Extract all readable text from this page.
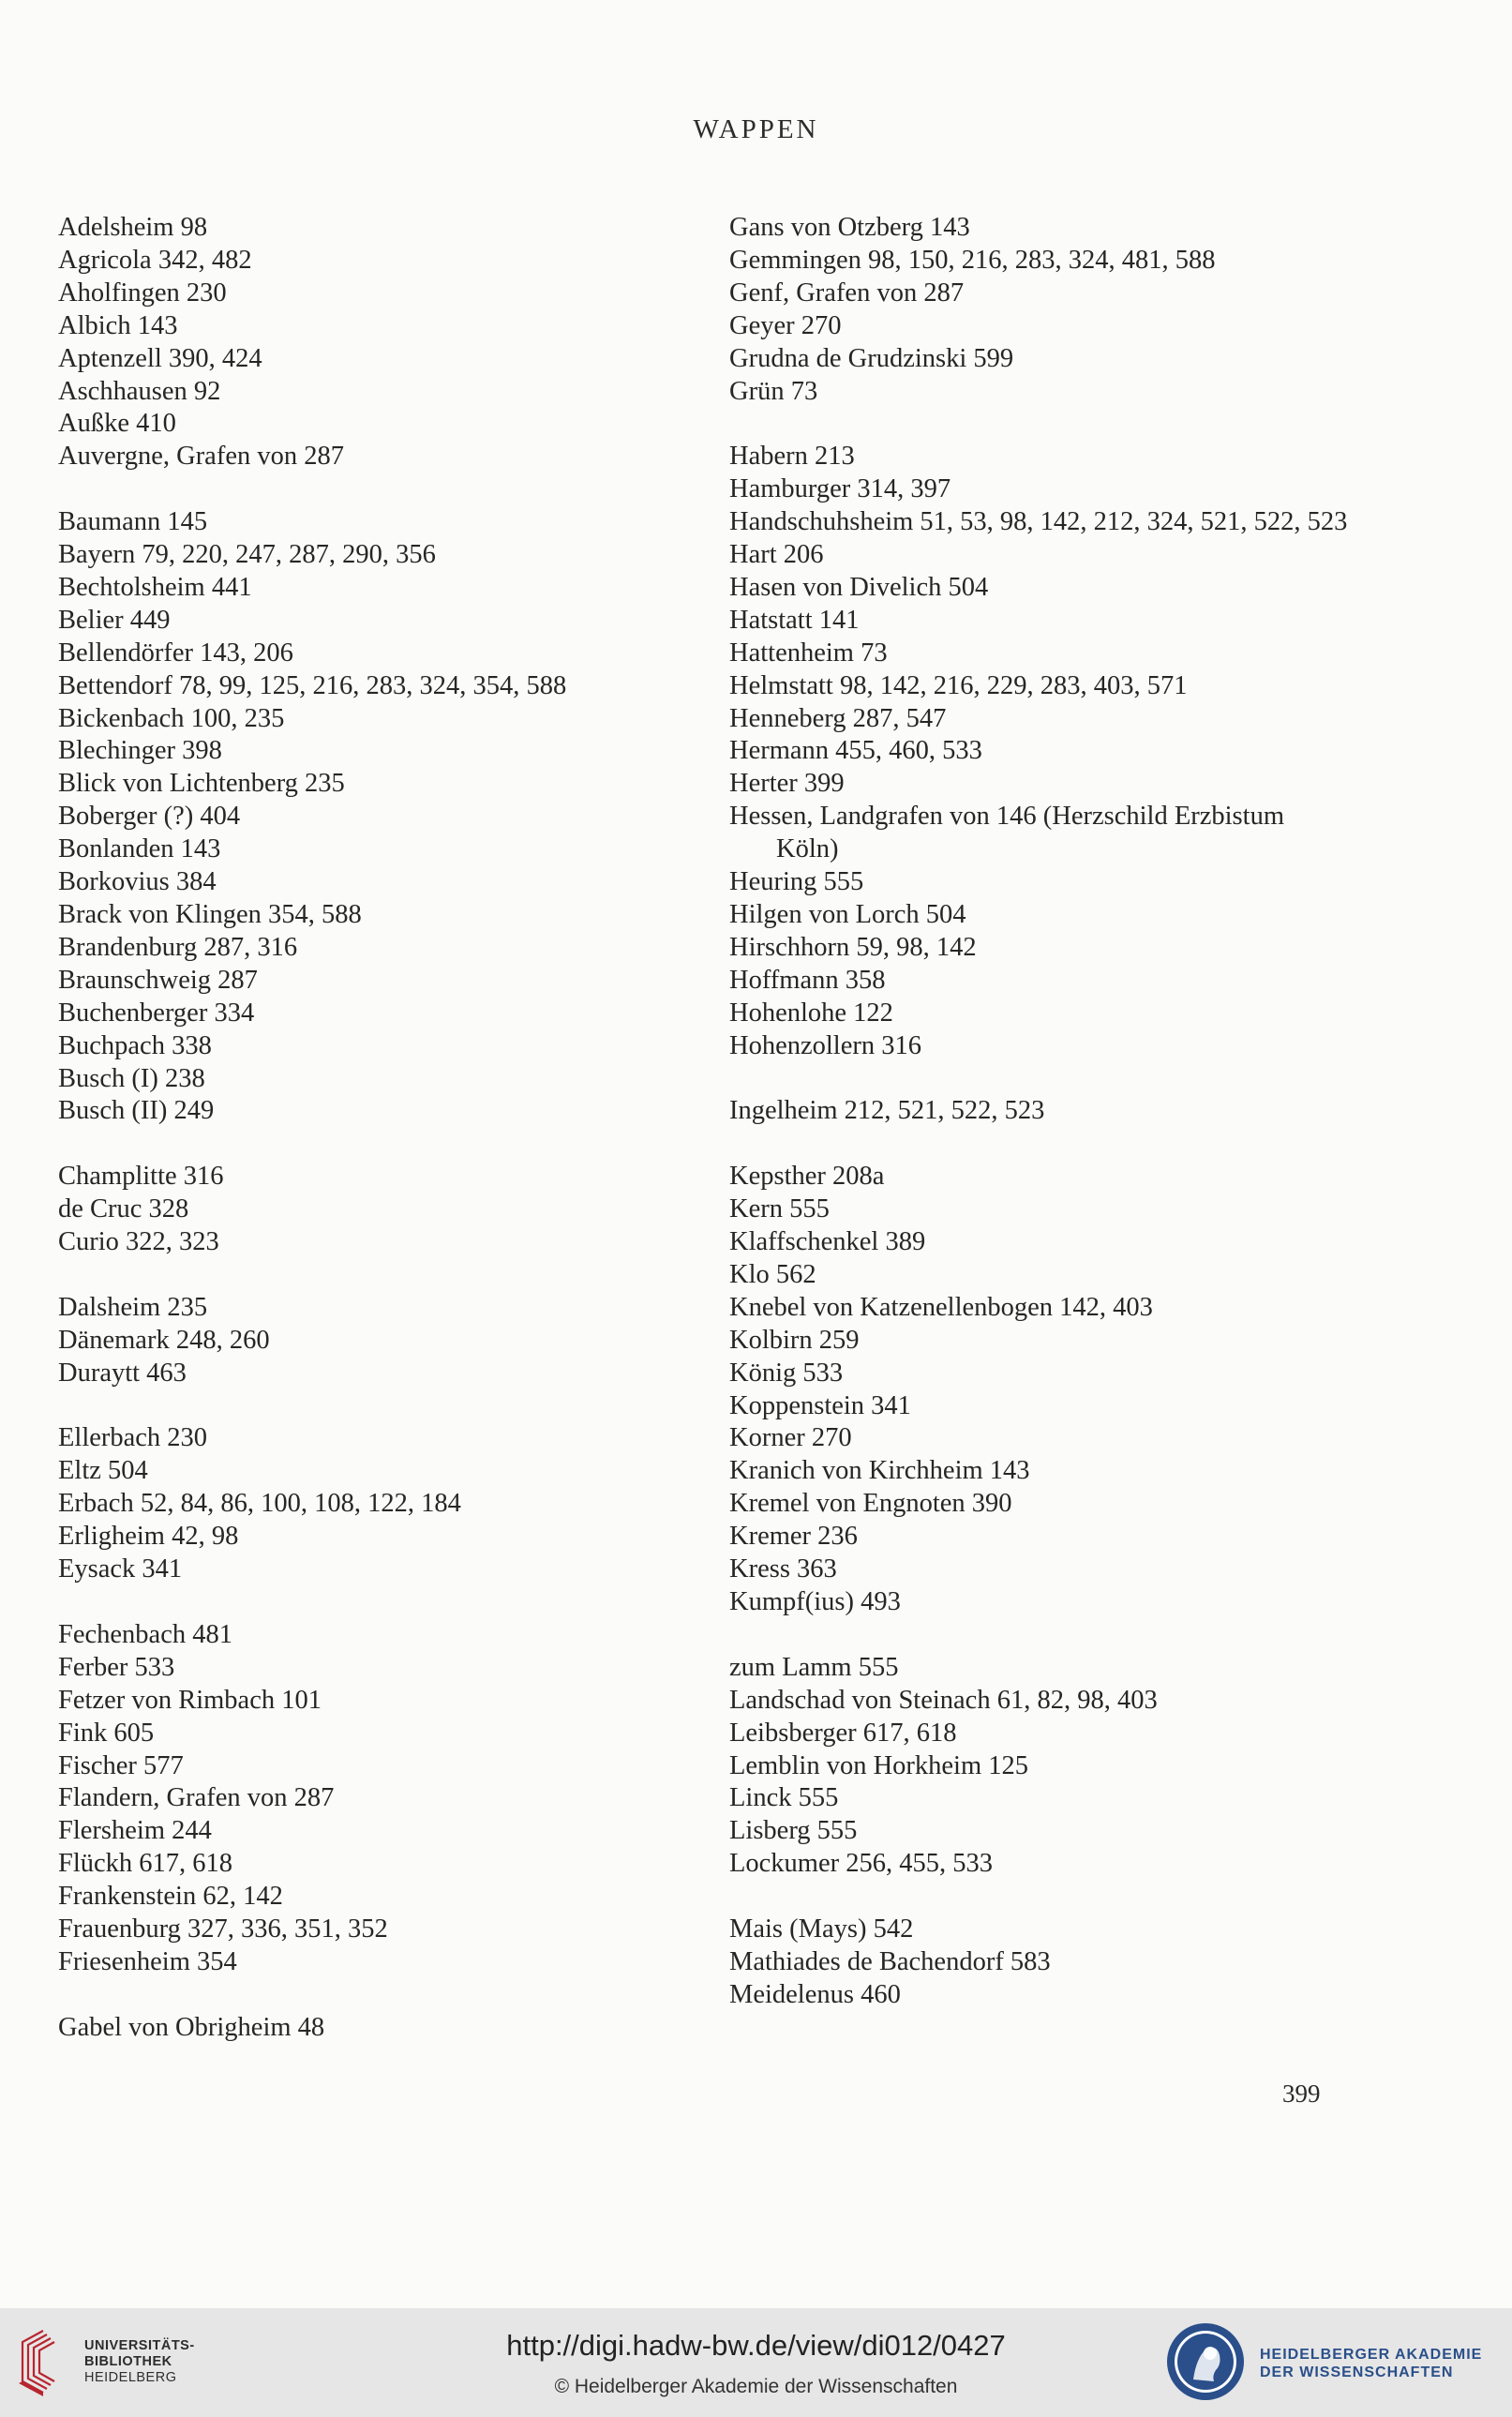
WAPPEN
Adelsheim 98
Agricola 342, 482
Aholfingen 230
Albich 143
Aptenzell 390, 424
Aschhausen 92
Außke 410
Auvergne, Grafen von 287
Baumann 145
Bayern 79, 220, 247, 287, 290, 356
Bechtolsheim 441
Belier 449
Bellendörfer 143, 206
Bettendorf 78, 99, 125, 216, 283, 324, 354, 588
Bickenbach 100, 235
Blechinger 398
Blick von Lichtenberg 235
Boberger (?) 404
Bonlanden 143
Borkovius 384
Brack von Klingen 354, 588
Brandenburg 287, 316
Braunschweig 287
Buchenberger 334
Buchpach 338
Busch (I) 238
Busch (II) 249
Champlitte 316
de Cruc 328
Curio 322, 323
Dalsheim 235
Dänemark 248, 260
Duraytt 463
Ellerbach 230
Eltz 504
Erbach 52, 84, 86, 100, 108, 122, 184
Erligheim 42, 98
Eysack 341
Fechenbach 481
Ferber 533
Fetzer von Rimbach 101
Fink 605
Fischer 577
Flandern, Grafen von 287
Flersheim 244
Flückh 617, 618
Frankenstein 62, 142
Frauenburg 327, 336, 351, 352
Friesenheim 354
Gabel von Obrigheim 48
Gans von Otzberg 143
Gemmingen 98, 150, 216, 283, 324, 481, 588
Genf, Grafen von 287
Geyer 270
Grudna de Grudzinski 599
Grün 73
Habern 213
Hamburger 314, 397
Handschuhsheim 51, 53, 98, 142, 212, 324, 521, 522, 523
Hart 206
Hasen von Divelich 504
Hatstatt 141
Hattenheim 73
Helmstatt 98, 142, 216, 229, 283, 403, 571
Henneberg 287, 547
Hermann 455, 460, 533
Herter 399
Hessen, Landgrafen von 146 (Herzschild Erzbistum Köln)
Heuring 555
Hilgen von Lorch 504
Hirschhorn 59, 98, 142
Hoffmann 358
Hohenlohe 122
Hohenzollern 316
Ingelheim 212, 521, 522, 523
Kepsther 208a
Kern 555
Klaffschenkel 389
Klo 562
Knebel von Katzenellenbogen 142, 403
Kolbirn 259
König 533
Koppenstein 341
Korner 270
Kranich von Kirchheim 143
Kremel von Engnoten 390
Kremer 236
Kress 363
Kumpf(ius) 493
zum Lamm 555
Landschad von Steinach 61, 82, 98, 403
Leibsberger 617, 618
Lemblin von Horkheim 125
Linck 555
Lisberg 555
Lockumer 256, 455, 533
Mais (Mays) 542
Mathiades de Bachendorf 583
Meidelenus 460
399
UNIVERSITÄTS-
BIBLIOTHEK
HEIDELBERG
http://digi.hadw-bw.de/view/di012/0427
© Heidelberger Akademie der Wissenschaften
HEIDELBERGER AKADEMIE
DER WISSENSCHAFTEN
